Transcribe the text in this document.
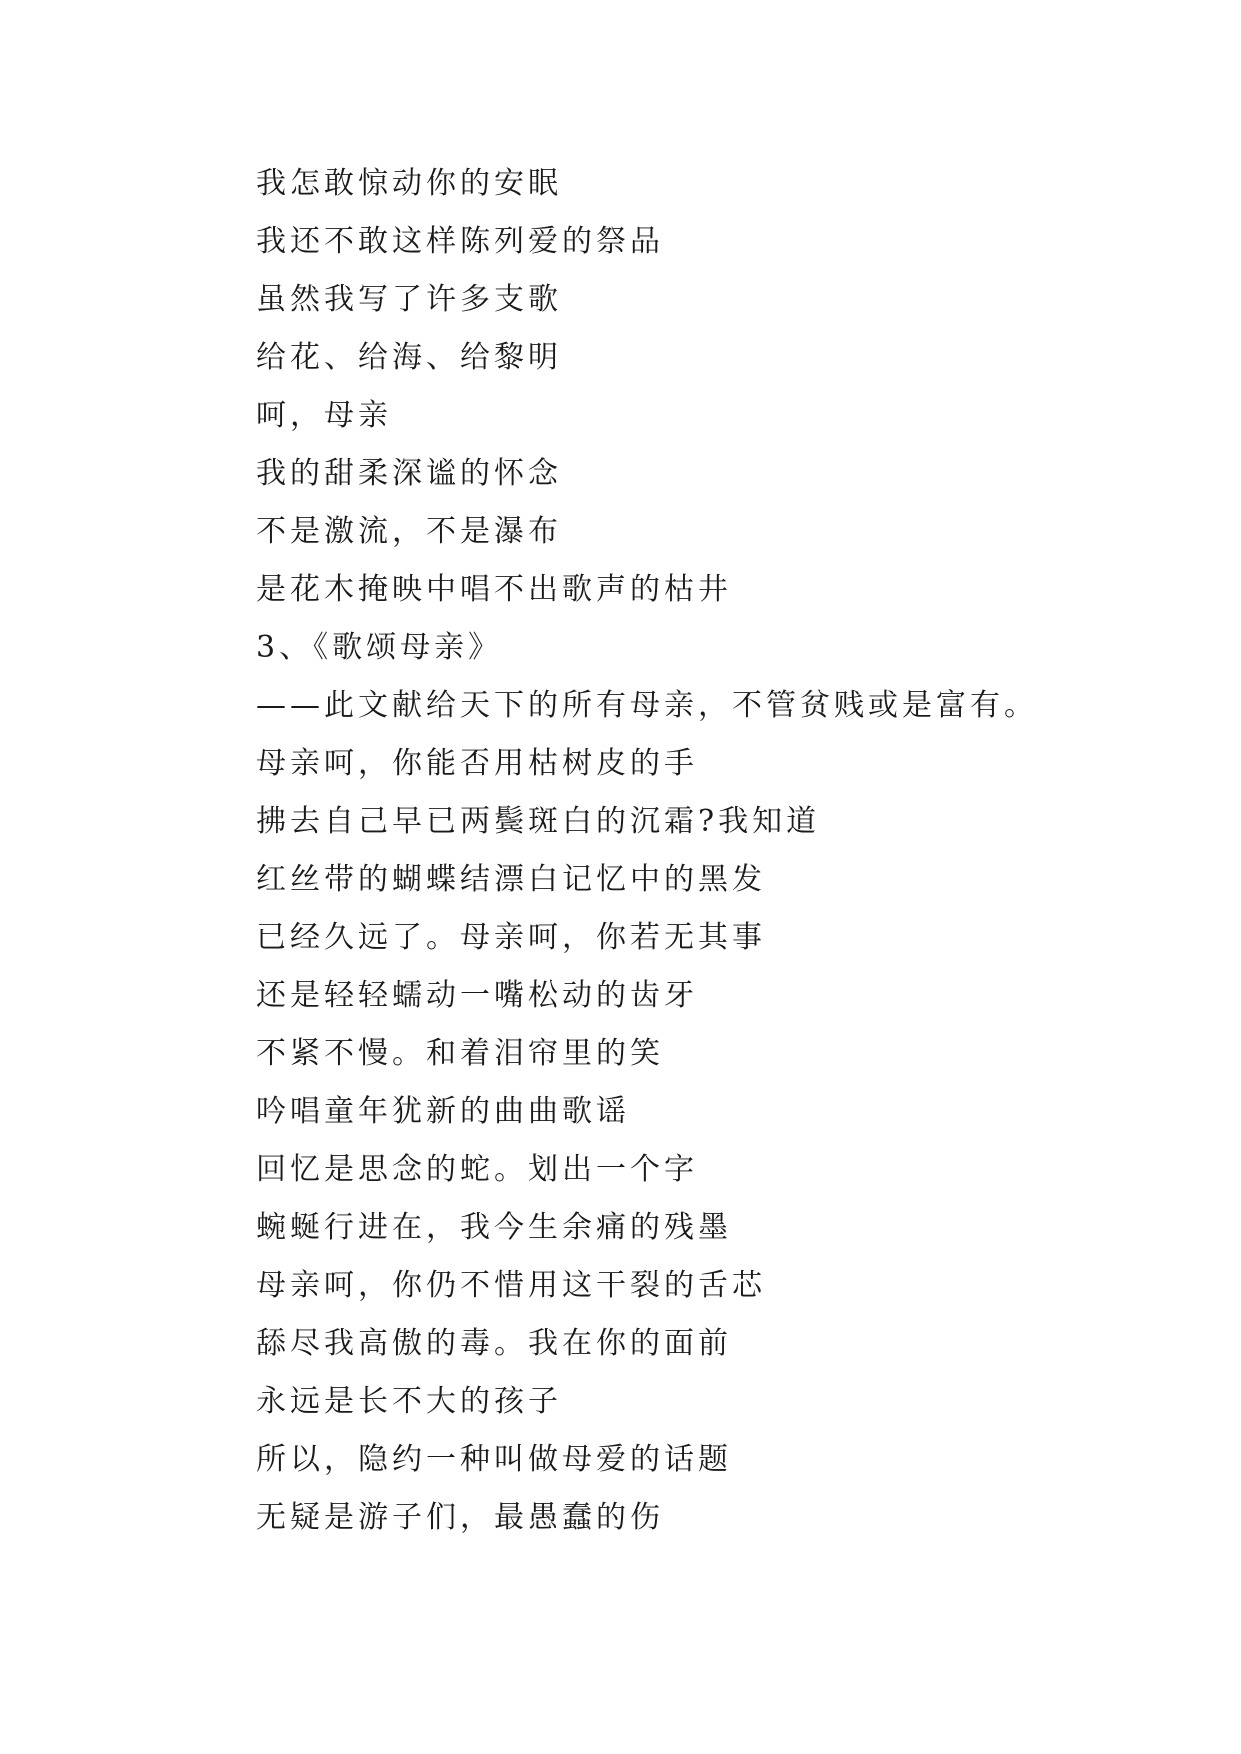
我怎敢惊动你的安眠
我还不敢这样陈列爱的祭品
虽然我写了许多支歌
给花、给海、给黎明
呵，母亲
我的甜柔深谧的怀念
不是激流，不是瀑布
是花木掩映中唱不出歌声的枯井
3、《歌颂母亲》
——此文献给天下的所有母亲，不管贫贱或是富有。
母亲呵，你能否用枯树皮的手
拂去自己早已两鬓斑白的沉霜?我知道
红丝带的蝴蝶结漂白记忆中的黑发
已经久远了。母亲呵，你若无其事
还是轻轻蠕动一嘴松动的齿牙
不紧不慢。和着泪帘里的笑
吟唱童年犹新的曲曲歌谣
回忆是思念的蛇。划出一个字
蜿蜒行进在，我今生余痛的残墨
母亲呵，你仍不惜用这干裂的舌芯
舔尽我高傲的毒。我在你的面前
永远是长不大的孩子
所以，隐约一种叫做母爱的话题
无疑是游子们，最愚蠢的伤
